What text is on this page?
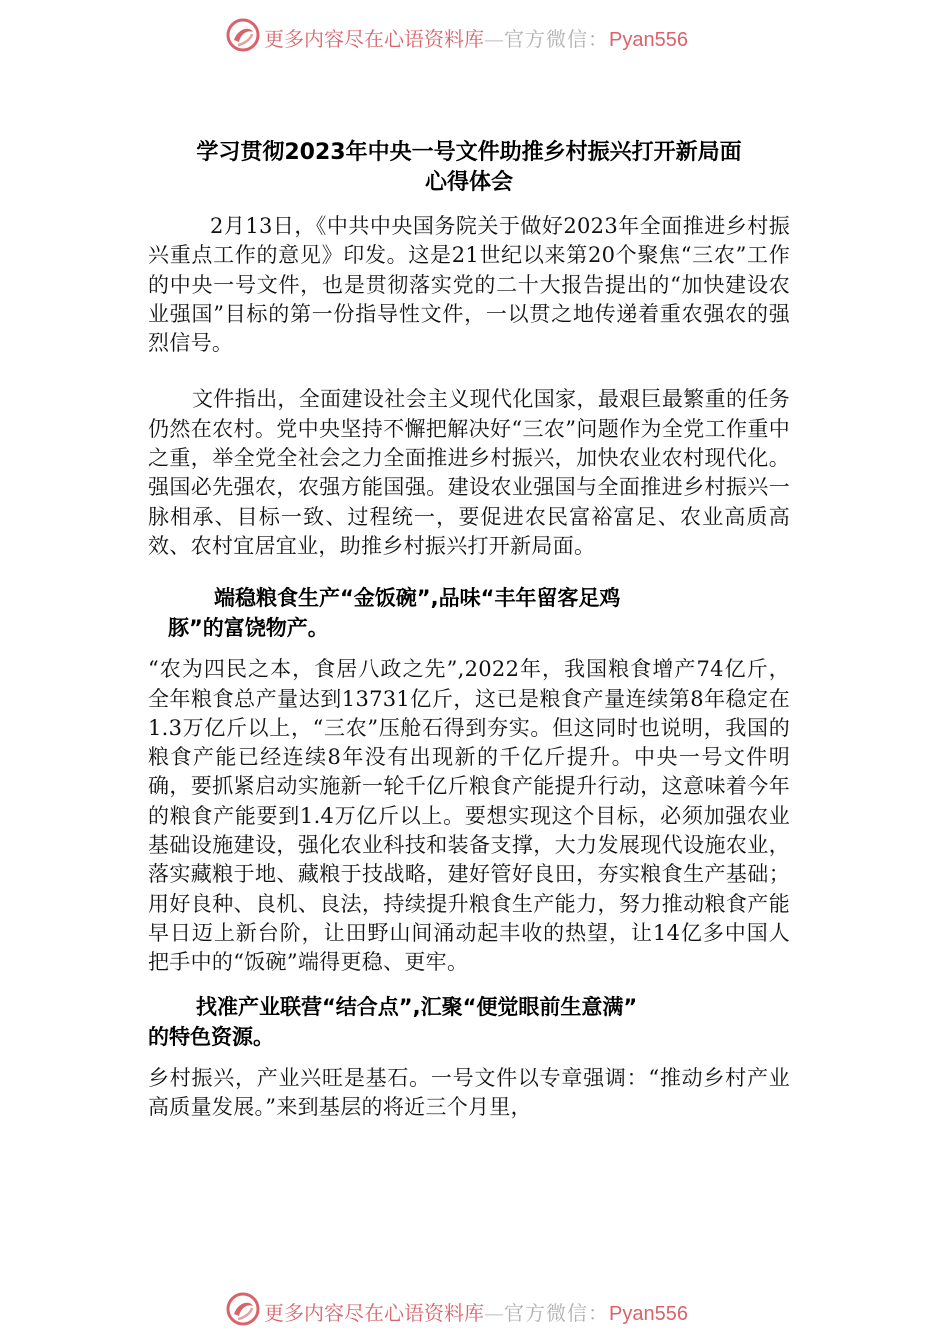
更多内容尽在心语资料库—官方微信：Pyan556

学习贯彻2023年中央一号文件助推乡村振兴打开新局面

心得体会

2月13日，《中共中央国务院关于做好2023年全面推进乡村振兴重点工作的意见》印发。这是21世纪以来第20个聚焦“三农”工作的中央一号文件，也是贯彻落实党的二十大报告提出的“加快建设农业强国”目标的第一份指导性文件，一以贯之地传递着重农强农的强烈信号。

文件指出，全面建设社会主义现代化国家，最艰巨最繁重的任务仍然在农村。党中央坚持不懈把解决好“三农”问题作为全党工作重中之重，举全党全社会之力全面推进乡村振兴，加快农业农村现代化。强国必先强农，农强方能国强。建设农业强国与全面推进乡村振兴一脉相承、目标一致、过程统一，要促进农民富裕富足、农业高质高效、农村宜居宜业，助推乡村振兴打开新局面。

端稳粮食生产“金饭碗”,品味“丰年留客足鸡

豚”的富饶物产。

“农为四民之本，食居八政之先”,2022年，我国粮食增产74亿斤，全年粮食总产量达到13731亿斤，这已是粮食产量连续第8年稳定在1.3万亿斤以上，“三农”压舱石得到夯实。但这同时也说明，我国的粮食产能已经连续8年没有出现新的千亿斤提升。中央一号文件明确，要抓紧启动实施新一轮千亿斤粮食产能提升行动，这意味着今年的粮食产能要到1.4万亿斤以上。要想实现这个目标，必须加强农业基础设施建设，强化农业科技和装备支撑，大力发展现代设施农业，落实藏粮于地、藏粮于技战略，建好管好良田，夯实粮食生产基础；用好良种、良机、良法，持续提升粮食生产能力，努力推动粮食产能早日迈上新台阶，让田野山间涌动起丰收的热望，让14亿多中国人把手中的“饭碗”端得更稳、更牢。

找准产业联营“结合点”,汇聚“便觉眼前生意满”

的特色资源。

乡村振兴，产业兴旺是基石。一号文件以专章强调：“推动乡村产业高质量发展。”来到基层的将近三个月里，

更多内容尽在心语资料库—官方微信：Pyan556
